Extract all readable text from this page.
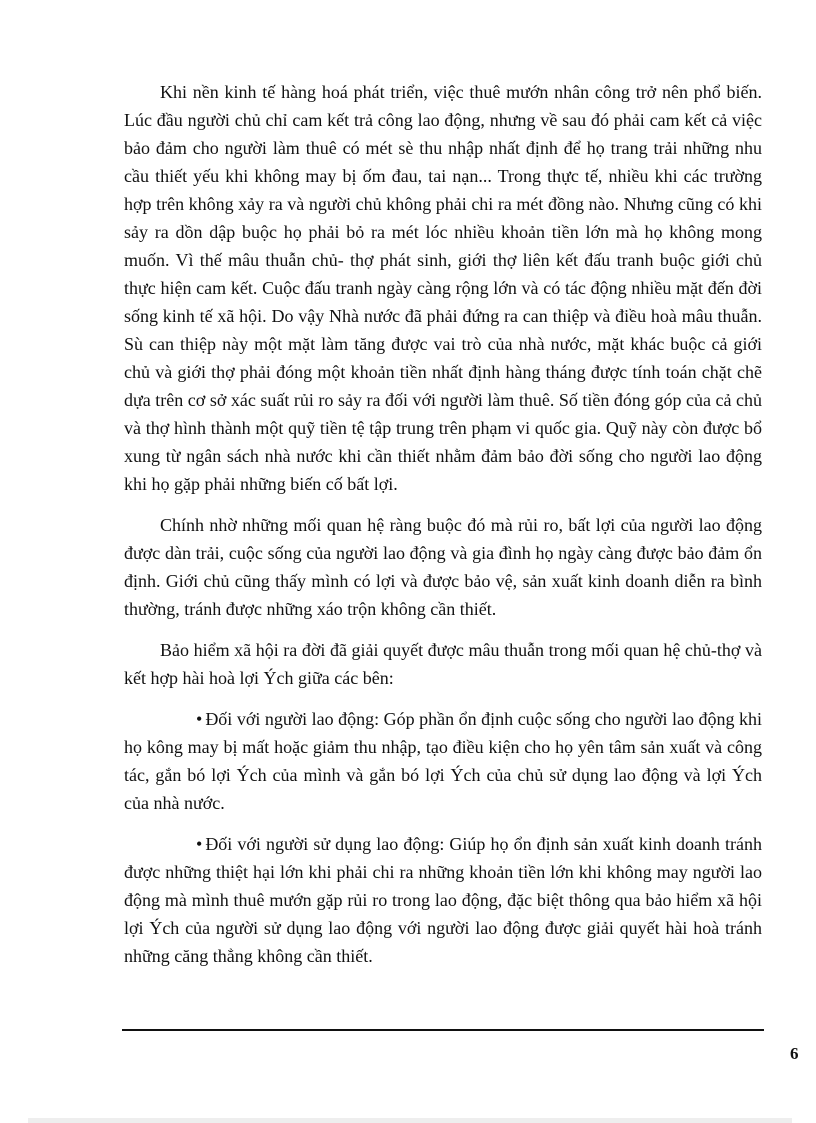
Khi nền kinh tế hàng hoá phát triển, việc thuê mướn nhân công trở nên phổ biến. Lúc đầu người chủ chỉ cam kết trả công lao động, nhưng về sau đó phải cam kết cả việc bảo đảm cho người làm thuê có mét sè thu nhập nhất định để họ trang trải những nhu cầu thiết yếu khi không may bị ốm đau, tai nạn... Trong thực tế, nhiều khi các trường hợp trên không xảy ra và người chủ không phải chi ra mét đồng nào. Nhưng cũng có khi sảy ra dồn dập buộc họ phải bỏ ra mét lóc nhiều khoản tiền lớn mà họ không mong muốn. Vì thế mâu thuẫn chủ- thợ phát sinh, giới thợ liên kết đấu tranh buộc giới chủ thực hiện cam kết. Cuộc đấu tranh ngày càng rộng lớn và có tác động nhiều mặt đến đời sống kinh tế xã hội. Do vậy Nhà nước đã phải đứng ra can thiệp và điều hoà mâu thuẫn. Sù can thiệp này một mặt làm tăng được vai trò của nhà nước, mặt khác buộc cả giới chủ và giới thợ phải đóng một khoản tiền nhất định hàng tháng được tính toán chặt chẽ dựa trên cơ sở xác suất rủi ro sảy ra đối với người làm thuê. Số tiền đóng góp của cả chủ và thợ hình thành một quỹ tiền tệ tập trung trên phạm vi quốc gia. Quỹ này còn được bổ xung từ ngân sách nhà nước khi cần thiết nhằm đảm bảo đời sống cho người lao động khi họ gặp phải những biến cố bất lợi.

Chính nhờ những mối quan hệ ràng buộc đó mà rủi ro, bất lợi của người lao động được dàn trải, cuộc sống của người lao động và gia đình họ ngày càng được bảo đảm ổn định. Giới chủ cũng thấy mình có lợi và được bảo vệ, sản xuất kinh doanh diễn ra bình thường, tránh được những xáo trộn không cần thiết.

Bảo hiểm xã hội ra đời đã giải quyết được mâu thuẫn trong mối quan hệ chủ-thợ và kết hợp hài hoà lợi Ých giữa các bên:

• Đối với người lao động: Góp phần ổn định cuộc sống cho người lao động khi họ kông may bị mất hoặc giảm thu nhập, tạo điều kiện cho họ yên tâm sản xuất và công tác, gắn bó lợi Ých của mình và gắn bó lợi Ých của chủ sử dụng lao động và lợi Ých của nhà nước.

• Đối với người sử dụng lao động: Giúp họ ổn định sản xuất kinh doanh tránh được những thiệt hại lớn khi phải chi ra những khoản tiền lớn khi không may người lao động mà mình thuê mướn gặp rủi ro trong lao động, đặc biệt thông qua bảo hiểm xã hội lợi Ých của người sử dụng lao động với người lao động được giải quyết hài hoà tránh những căng thẳng không cần thiết.

6
